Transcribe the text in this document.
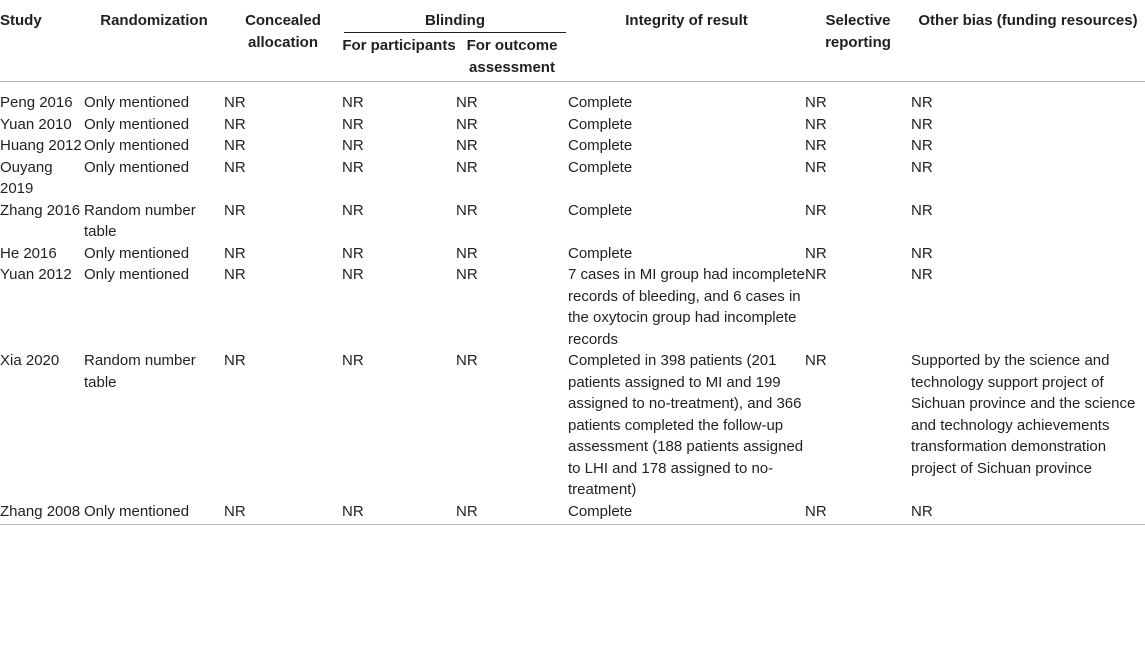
Study	Randomization	Concealed allocation	Blinding		Integrity of result	Selective reporting	Other bias (funding resources)
			For participants	For outcome assessment			
Peng 2016	Only mentioned	NR	NR	NR	Complete	NR	NR
Yuan 2010	Only mentioned	NR	NR	NR	Complete	NR	NR
Huang 2012	Only mentioned	NR	NR	NR	Complete	NR	NR
Ouyang 2019	Only mentioned	NR	NR	NR	Complete	NR	NR
Zhang 2016	Random number table	NR	NR	NR	Complete	NR	NR
He 2016	Only mentioned	NR	NR	NR	Complete	NR	NR
Yuan 2012	Only mentioned	NR	NR	NR	7 cases in MI group had incomplete records of bleeding, and 6 cases in the oxytocin group had incomplete records	NR	NR
Xia 2020	Random number table	NR	NR	NR	Completed in 398 patients (201 patients assigned to MI and 199 assigned to no-treatment), and 366 patients completed the follow-up assessment (188 patients assigned to LHI and 178 assigned to no-treatment)	NR	Supported by the science and technology support project of Sichuan province and the science and technology achievements transformation demonstration project of Sichuan province
Zhang 2008	Only mentioned	NR	NR	NR	Complete	NR	NR
